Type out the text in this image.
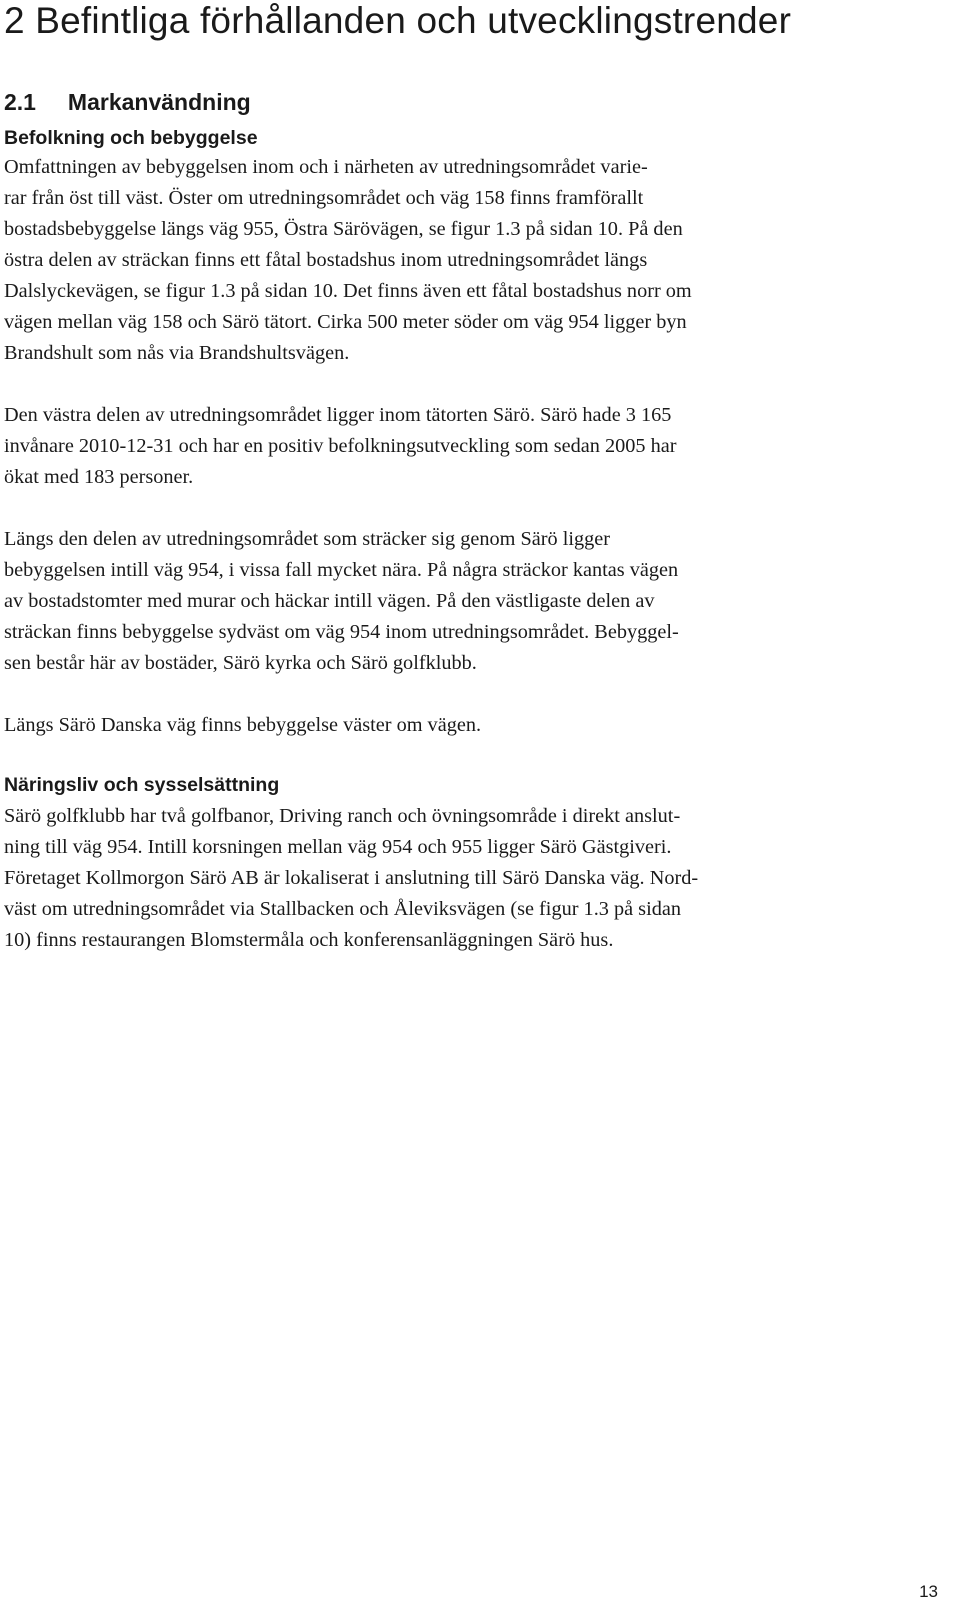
2 Befintliga förhållanden och utvecklingstrender
2.1     Markanvändning
Befolkning och bebyggelse

Omfattningen av bebyggelsen inom och i närheten av utredningsområdet varie-
rar från öst till väst. Öster om utredningsområdet och väg 158 finns framförallt
bostadsbebyggelse längs väg 955, Östra Särövägen, se figur 1.3 på sidan 10. På den
östra delen av sträckan finns ett fåtal bostadshus inom utredningsområdet längs
Dalslyckevägen, se figur 1.3 på sidan 10. Det finns även ett fåtal bostadshus norr om
vägen mellan väg 158 och Särö tätort. Cirka 500 meter söder om väg 954 ligger byn
Brandshult som nås via Brandshultsvägen.

Den västra delen av utredningsområdet ligger inom tätorten Särö. Särö hade 3 165
invånare 2010-12-31 och har en positiv befolkningsutveckling som sedan 2005 har
ökat med 183 personer.

Längs den delen av utredningsområdet som sträcker sig genom Särö ligger
bebyggelsen intill väg 954, i vissa fall mycket nära. På några sträckor kantas vägen
av bostadstomter med murar och häckar intill vägen. På den västligaste delen av
sträckan finns bebyggelse sydväst om väg 954 inom utredningsområdet. Bebyggel-
sen består här av bostäder, Särö kyrka och Särö golfklubb.

Längs Särö Danska väg finns bebyggelse väster om vägen.

Näringsliv och sysselsättning

Särö golfklubb har två golfbanor, Driving ranch och övningsområde i direkt anslut-
ning till väg 954. Intill korsningen mellan väg 954 och 955 ligger Särö Gästgiveri.
Företaget Kollmorgon Särö AB är lokaliserat i anslutning till Särö Danska väg. Nord-
väst om utredningsområdet via Stallbacken och Åleviksvägen (se figur 1.3 på sidan
10) finns restaurangen Blomstermåla och konferensanläggningen Särö hus.

13
